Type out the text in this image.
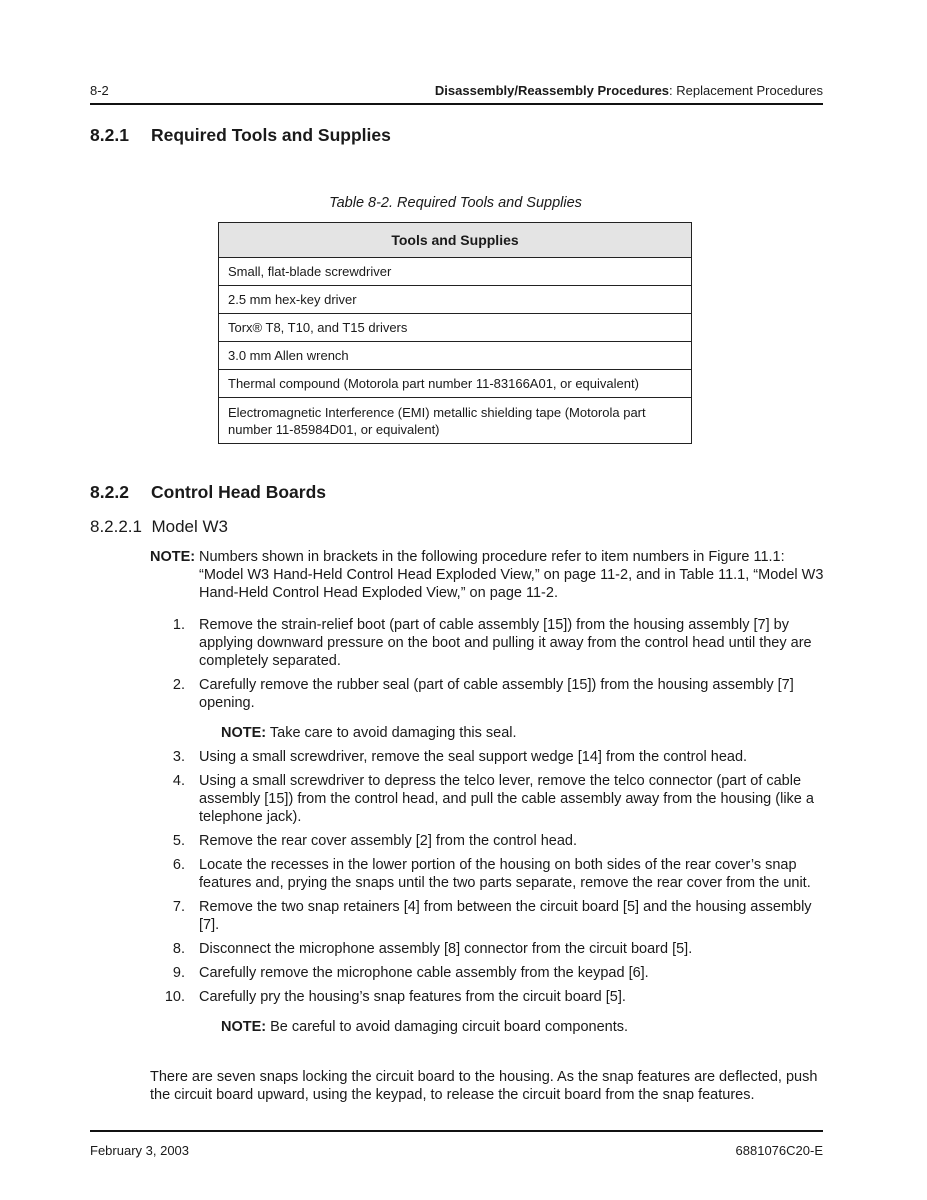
8-2	Disassembly/Reassembly Procedures: Replacement Procedures
8.2.1 Required Tools and Supplies
Table 8-2. Required Tools and Supplies
Tools and Supplies
Small, flat-blade screwdriver
2.5 mm hex-key driver
Torx® T8, T10, and T15 drivers
3.0 mm Allen wrench
Thermal compound (Motorola part number 11-83166A01, or equivalent)
Electromagnetic Interference (EMI) metallic shielding tape (Motorola part number 11-85984D01, or equivalent)
8.2.2 Control Head Boards
8.2.2.1 Model W3
NOTE: Numbers shown in brackets in the following procedure refer to item numbers in Figure 11.1: “Model W3 Hand-Held Control Head Exploded View,” on page 11-2, and in Table 11.1, “Model W3 Hand-Held Control Head Exploded View,” on page 11-2.
1. Remove the strain-relief boot (part of cable assembly [15]) from the housing assembly [7] by applying downward pressure on the boot and pulling it away from the control head until they are completely separated.
2. Carefully remove the rubber seal (part of cable assembly [15]) from the housing assembly [7] opening.
NOTE: Take care to avoid damaging this seal.
3. Using a small screwdriver, remove the seal support wedge [14] from the control head.
4. Using a small screwdriver to depress the telco lever, remove the telco connector (part of cable assembly [15]) from the control head, and pull the cable assembly away from the housing (like a telephone jack).
5. Remove the rear cover assembly [2] from the control head.
6. Locate the recesses in the lower portion of the housing on both sides of the rear cover’s snap features and, prying the snaps until the two parts separate, remove the rear cover from the unit.
7. Remove the two snap retainers [4] from between the circuit board [5] and the housing assembly [7].
8. Disconnect the microphone assembly [8] connector from the circuit board [5].
9. Carefully remove the microphone cable assembly from the keypad [6].
10. Carefully pry the housing’s snap features from the circuit board [5].
NOTE: Be careful to avoid damaging circuit board components.
There are seven snaps locking the circuit board to the housing. As the snap features are deflected, push the circuit board upward, using the keypad, to release the circuit board from the snap features.
February 3, 2003	6881076C20-E
